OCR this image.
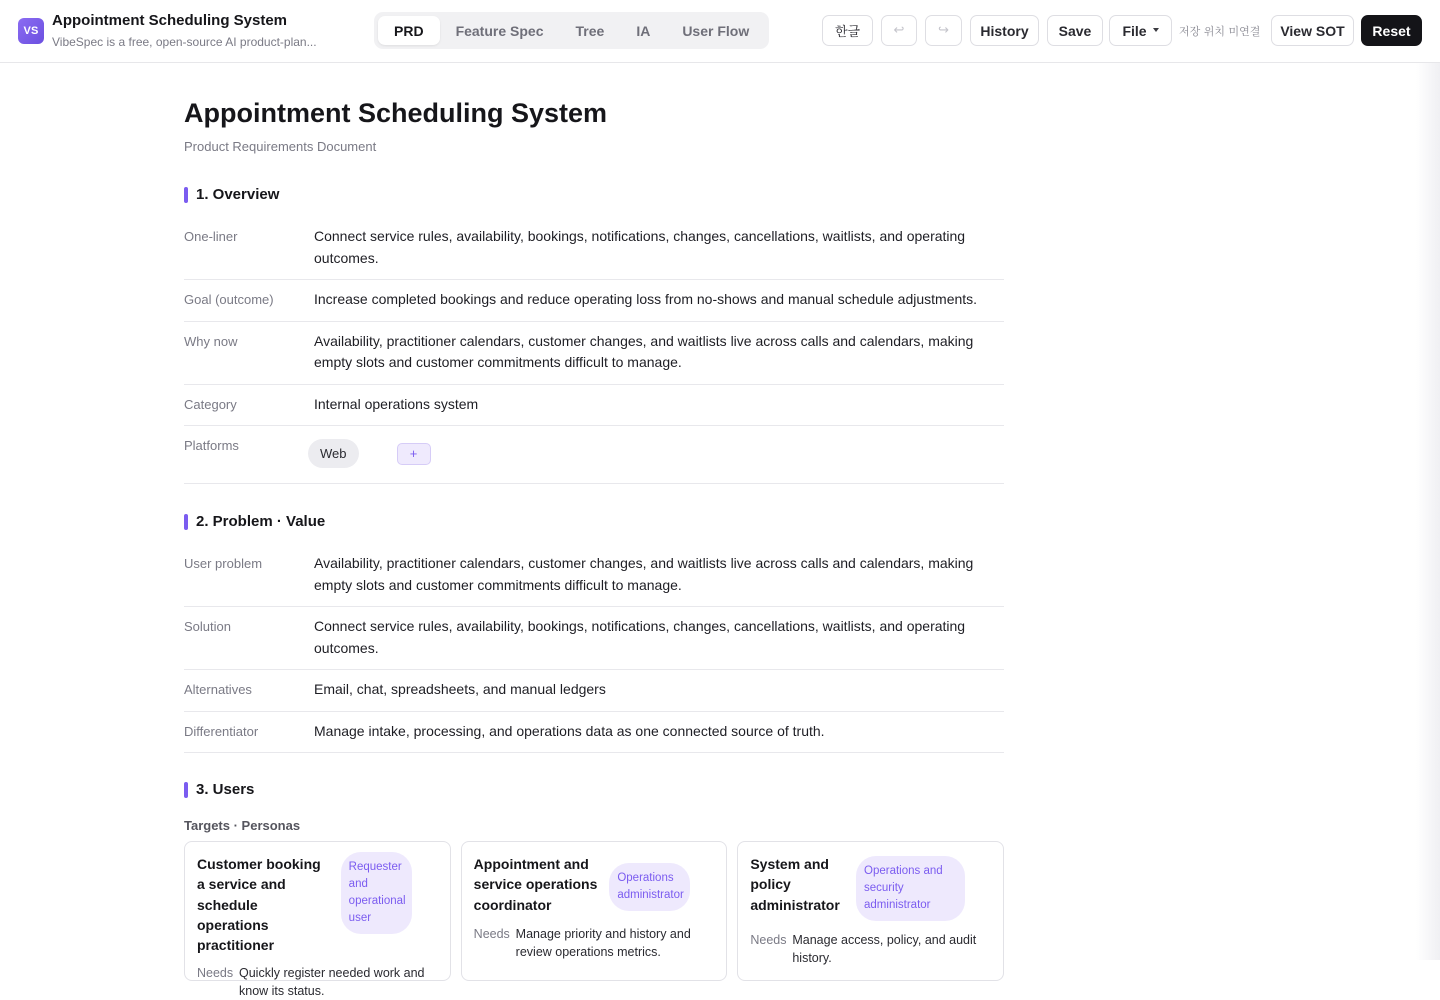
VS
Appointment Scheduling System
VibeSpec is a free, open-source AI product-plan...
PRD	Feature Spec	Tree	IA	User Flow	한글	↩	↪	History	Save	File	저장 위치 미연결	View SOT	Reset
Appointment Scheduling System
Product Requirements Document
1. Overview
One-liner	Connect service rules, availability, bookings, notifications, changes, cancellations, waitlists, and operating outcomes.
Goal (outcome)	Increase completed bookings and reduce operating loss from no-shows and manual schedule adjustments.
Why now	Availability, practitioner calendars, customer changes, and waitlists live across calls and calendars, making empty slots and customer commitments difficult to manage.
Category	Internal operations system
Platforms
Web	+
2. Problem · Value
User problem	Availability, practitioner calendars, customer changes, and waitlists live across calls and calendars, making empty slots and customer commitments difficult to manage.
Solution	Connect service rules, availability, bookings, notifications, changes, cancellations, waitlists, and operating outcomes.
Alternatives	Email, chat, spreadsheets, and manual ledgers
Differentiator	Manage intake, processing, and operations data as one connected source of truth.
3. Users
Targets · Personas
Customer booking a service and schedule operations practitioner
Requester and operational user
Needs Quickly register needed work and know its status.
Appointment and service operations coordinator
Operations administrator
Needs Manage priority and history and review operations metrics.
System and policy administrator
Operations and security administrator
Needs Manage access, policy, and audit history.
